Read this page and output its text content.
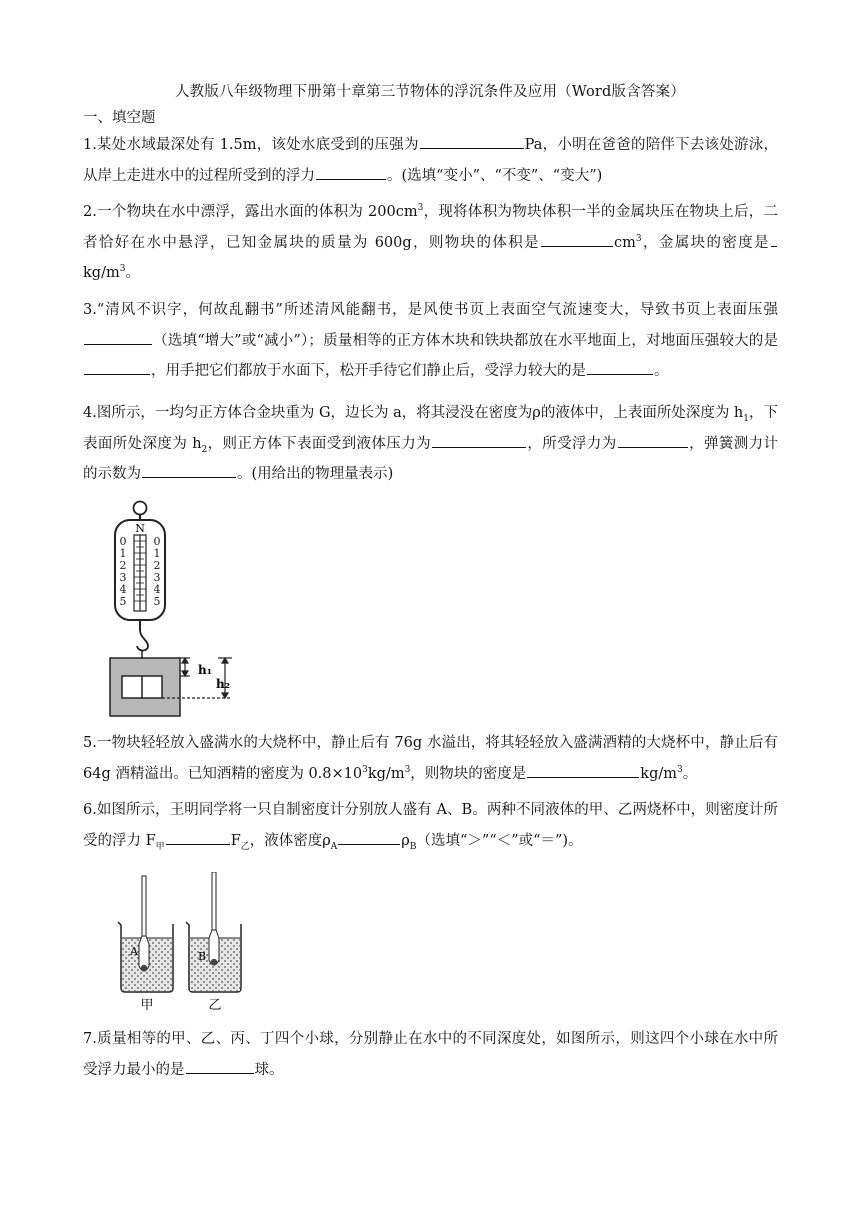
人教版八年级物理下册第十章第三节物体的浮沉条件及应用（Word版含答案）
一、填空题
1.某处水域最深处有 1.5m，该处水底受到的压强为	Pa，小明在爸爸的陪伴下去该处游泳，从岸上走进水中的过程所受到的浮力	。(选填“变小”、“不变”、“变大”)
2.一个物块在水中漂浮，露出水面的体积为 $200cm^3$，现将体积为物块体积一半的金属块压在物块上后，二者恰好在水中悬浮，已知金属块的质量为 600g，则物块的体积是	$cm^3$，金属块的密度是$kg/m^3$。
3.“清风不识字，何故乱翻书”所述清风能翻书，是风使书页上表面空气流速变大，导致书页上表面压强（选填“增大”或“减小”）；质量相等的正方体木块和铁块都放在水平地面上，对地面压强较大的是，用手把它们都放于水面下，松开手待它们静止后，受浮力较大的是	。
4.图所示，一均匀正方体合金块重为 G，边长为 a，将其浸没在密度为ρ的液体中，上表面所处深度为 $h_1$，下表面所处深度为 $h_2$，则正方体下表面受到液体压力为	，所受浮力为	，弹簧测力计的示数为	。(用给出的物理量表示)
N
0
1
2
3
4
5
0
1
2
3
4
5
h₁
h₂
5.一物块轻轻放入盛满水的大烧杯中，静止后有 76g 水溢出，将其轻轻放入盛满酒精的大烧杯中，静止后有 64g 酒精溢出。已知酒精的密度为 $0.8\times 10^3kg/m^3$，则物块的密度是	$kg/m^3$。
6.如图所示，王明同学将一只自制密度计分别放人盛有 A、B。两种不同液体的甲、乙两烧杯中，则密度计所受的浮力 $F_甲$	$F_乙$，液体密度$\rho_A$	$\rho_B$（选填“＞”“＜”或“＝”)。
A	B
甲	乙
7.质量相等的甲、乙、丙、丁四个小球，分别静止在水中的不同深度处，如图所示，则这四个小球在水中所受浮力最小的是	球。
